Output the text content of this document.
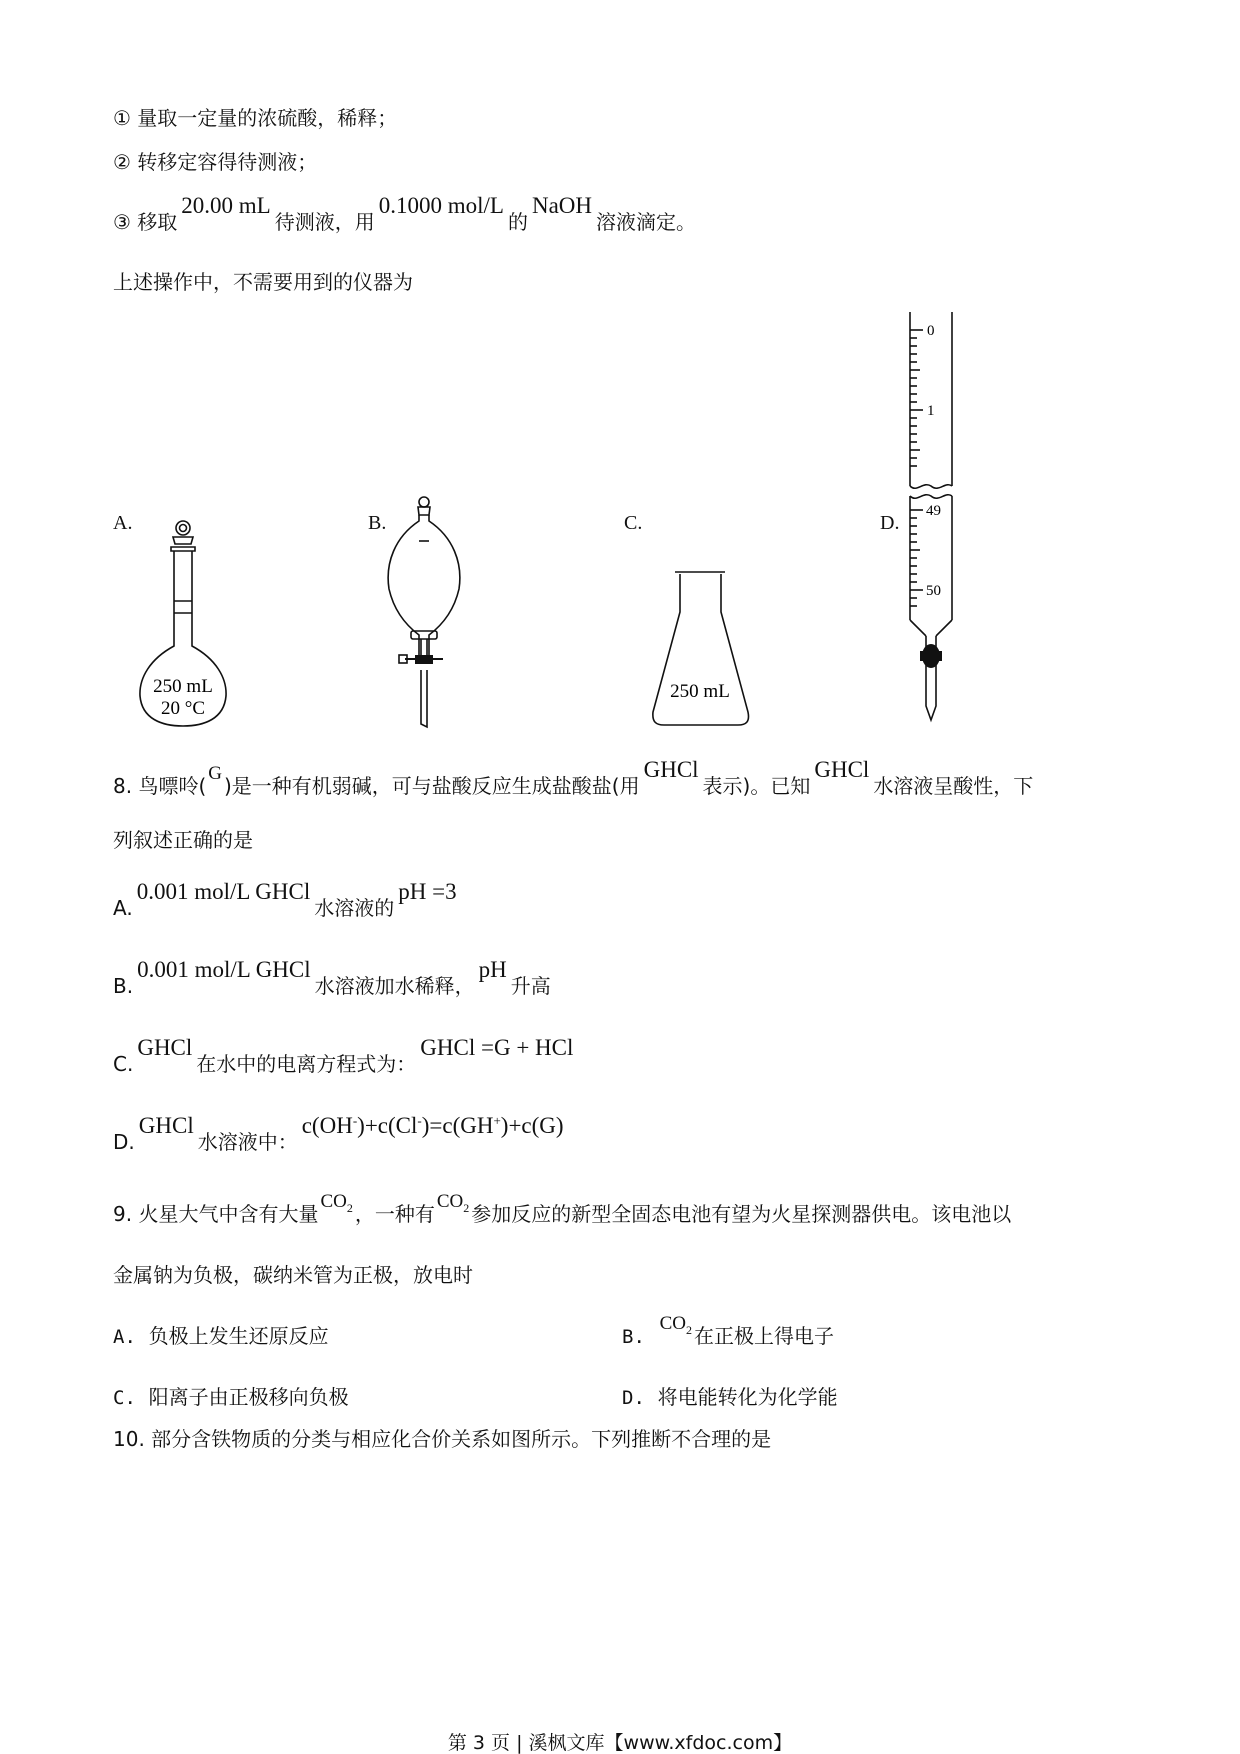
① 量取一定量的浓硫酸，稀释；
② 转移定容得待测液；
③ 移取20.00 mL待测液，用0.1000 mol/L的NaOH溶液滴定。
上述操作中，不需要用到的仪器为
A.	B.	C.	D.
250 mL
20 °C
250 mL
0
1
49
50
8. 鸟嘌呤(G)是一种有机弱碱，可与盐酸反应生成盐酸盐(用GHCl表示)。已知GHCl水溶液呈酸性，下
列叙述正确的是
A.0.001 mol/L GHCl水溶液的pH =3
B.0.001 mol/L GHCl水溶液加水稀释，pH升高
C.GHCl在水中的电离方程式为：GHCl =G + HCl
D.GHCl水溶液中：c(OH-)+c(Cl-)=c(GH+)+c(G)
9. 火星大气中含有大量$CO_2$ ，一种有$CO_2$ 参加反应的新型全固态电池有望为火星探测器供电。该电池以
金属钠为负极，碳纳米管为正极，放电时
A. 负极上发生还原反应	B.  $CO_2$ 在正极上得电子
C. 阳离子由正极移向负极	D. 将电能转化为化学能
10. 部分含铁物质的分类与相应化合价关系如图所示。下列推断不合理的是
第 3 页 | 溪枫文库【www.xfdoc.com】
